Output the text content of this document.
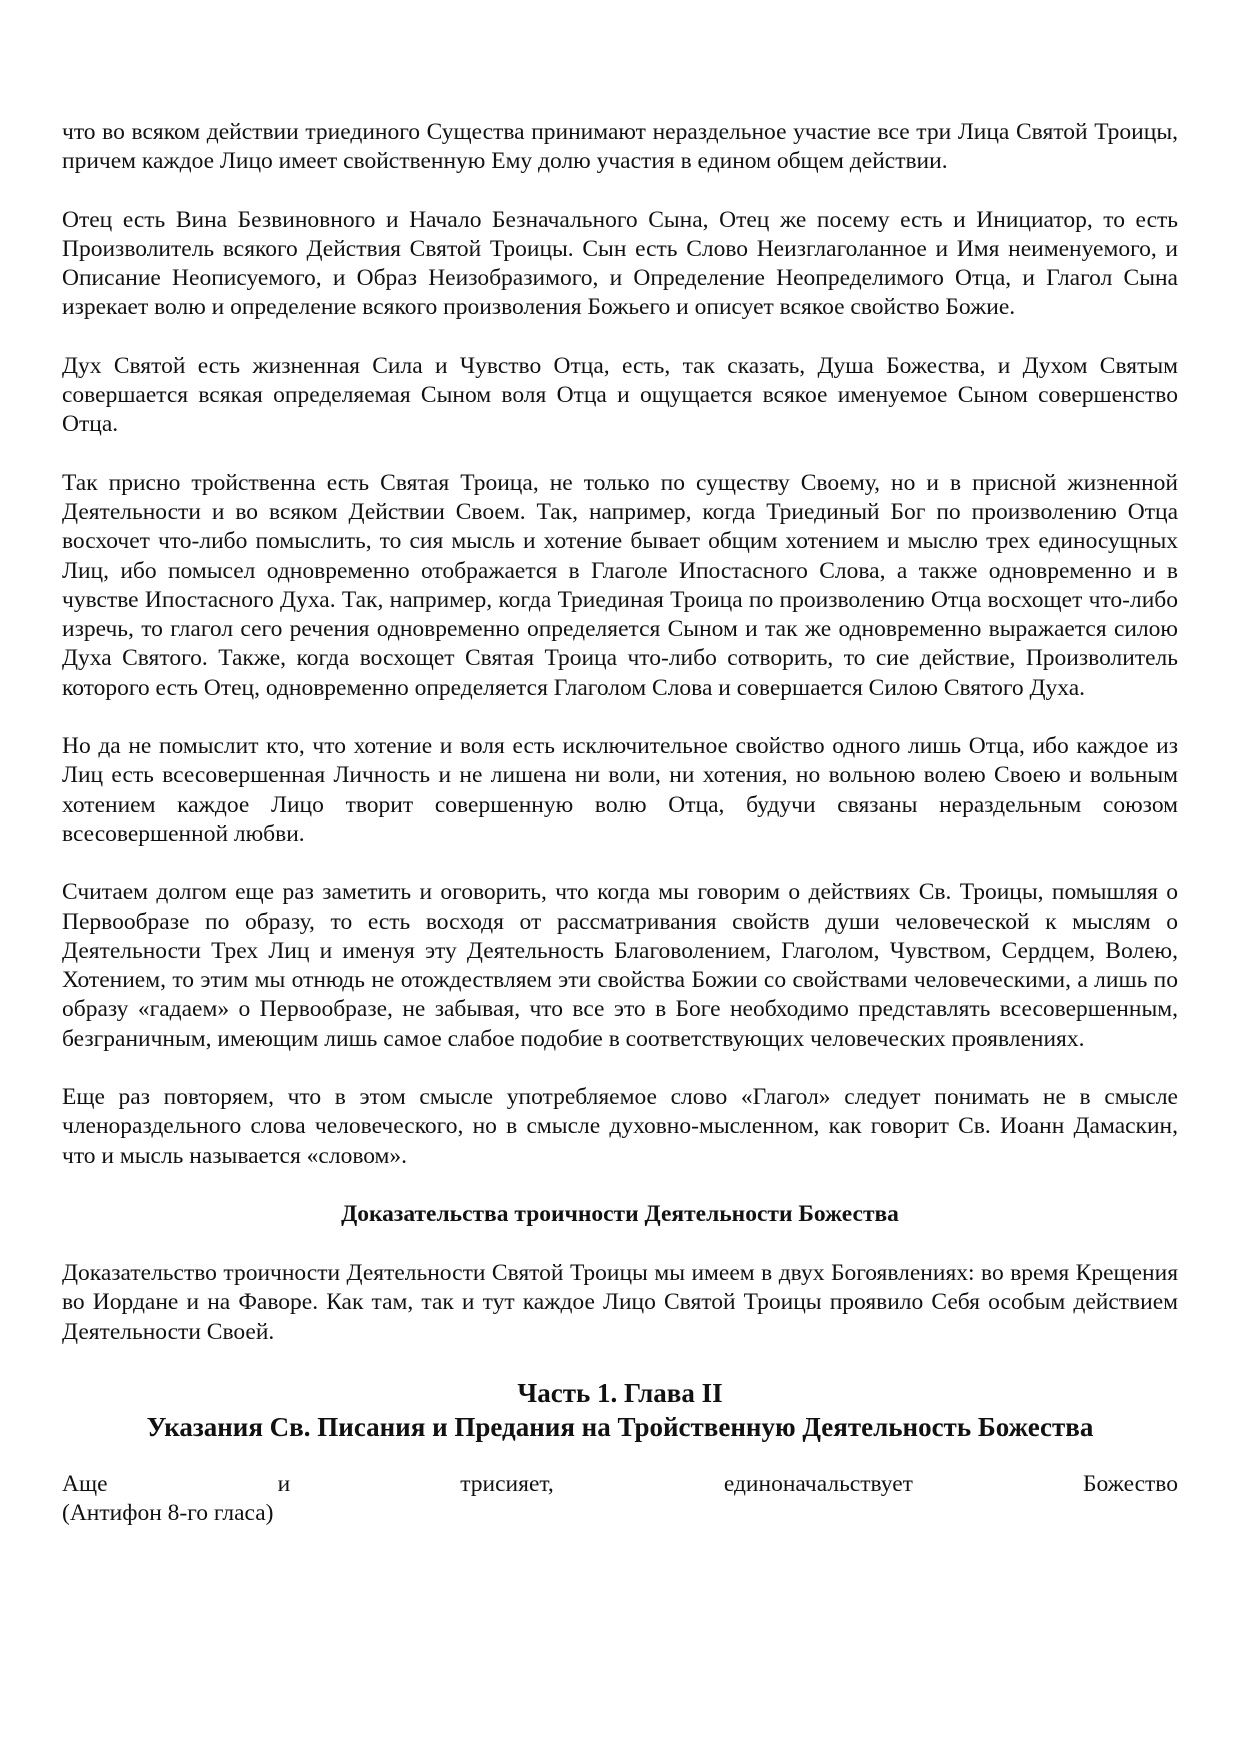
что во всяком действии триединого Существа принимают нераздельное участие все три Лица Святой Троицы, причем каждое Лицо имеет свойственную Ему долю участия в едином общем действии.

Отец есть Вина Безвиновного и Начало Безначального Сына, Отец же посему есть и Инициатор, то есть Произволитель всякого Действия Святой Троицы. Сын есть Слово Неизглаголанное и Имя неименуемого, и Описание Неописуемого, и Образ Неизобразимого, и Определение Неопределимого Отца, и Глагол Сына изрекает волю и определение всякого произволения Божьего и описует всякое свойство Божие.

Дух Святой есть жизненная Сила и Чувство Отца, есть, так сказать, Душа Божества, и Духом Святым совершается всякая определяемая Сыном воля Отца и ощущается всякое именуемое Сыном совершенство Отца.

Так присно тройственна есть Святая Троица, не только по существу Своему, но и в присной жизненной Деятельности и во всяком Действии Своем. Так, например, когда Триединый Бог по произволению Отца восхочет что-либо помыслить, то сия мысль и хотение бывает общим хотением и мыслю трех единосущных Лиц, ибо помысел одновременно отображается в Глаголе Ипостасного Слова, а также одновременно и в чувстве Ипостасного Духа. Так, например, когда Триединая Троица по произволению Отца восхощет что-либо изречь, то глагол сего речения одновременно определяется Сыном и так же одновременно выражается силою Духа Святого. Также, когда восхощет Святая Троица что-либо сотворить, то сие действие, Произволитель которого есть Отец, одновременно определяется Глаголом Слова и совершается Силою Святого Духа.

Но да не помыслит кто, что хотение и воля есть исключительное свойство одного лишь Отца, ибо каждое из Лиц есть всесовершенная Личность и не лишена ни воли, ни хотения, но вольною волею Своею и вольным хотением каждое Лицо творит совершенную волю Отца, будучи связаны нераздельным союзом всесовершенной любви.

Считаем долгом еще раз заметить и оговорить, что когда мы говорим о действиях Св. Троицы, помышляя о Первообразе по образу, то есть восходя от рассматривания свойств души человеческой к мыслям о Деятельности Трех Лиц и именуя эту Деятельность Благоволением, Глаголом, Чувством, Сердцем, Волею, Хотением, то этим мы отнюдь не отождествляем эти свойства Божии со свойствами человеческими, а лишь по образу «гадаем» о Первообразе, не забывая, что все это в Боге необходимо представлять всесовершенным, безграничным, имеющим лишь самое слабое подобие в соответствующих человеческих проявлениях.

Еще раз повторяем, что в этом смысле употребляемое слово «Глагол» следует понимать не в смысле членораздельного слова человеческого, но в смысле духовно-мысленном, как говорит Св. Иоанн Дамаскин, что и мысль называется «словом».

Доказательства троичности Деятельности Божества

Доказательство троичности Деятельности Святой Троицы мы имеем в двух Богоявлениях: во время Крещения во Иордане и на Фаворе. Как там, так и тут каждое Лицо Святой Троицы проявило Себя особым действием Деятельности Своей.

Часть 1. Глава II
Указания Св. Писания и Предания на Тройственную Деятельность Божества

Аще и трисияет, единоначальствует Божество

(Антифон 8-го гласа)
